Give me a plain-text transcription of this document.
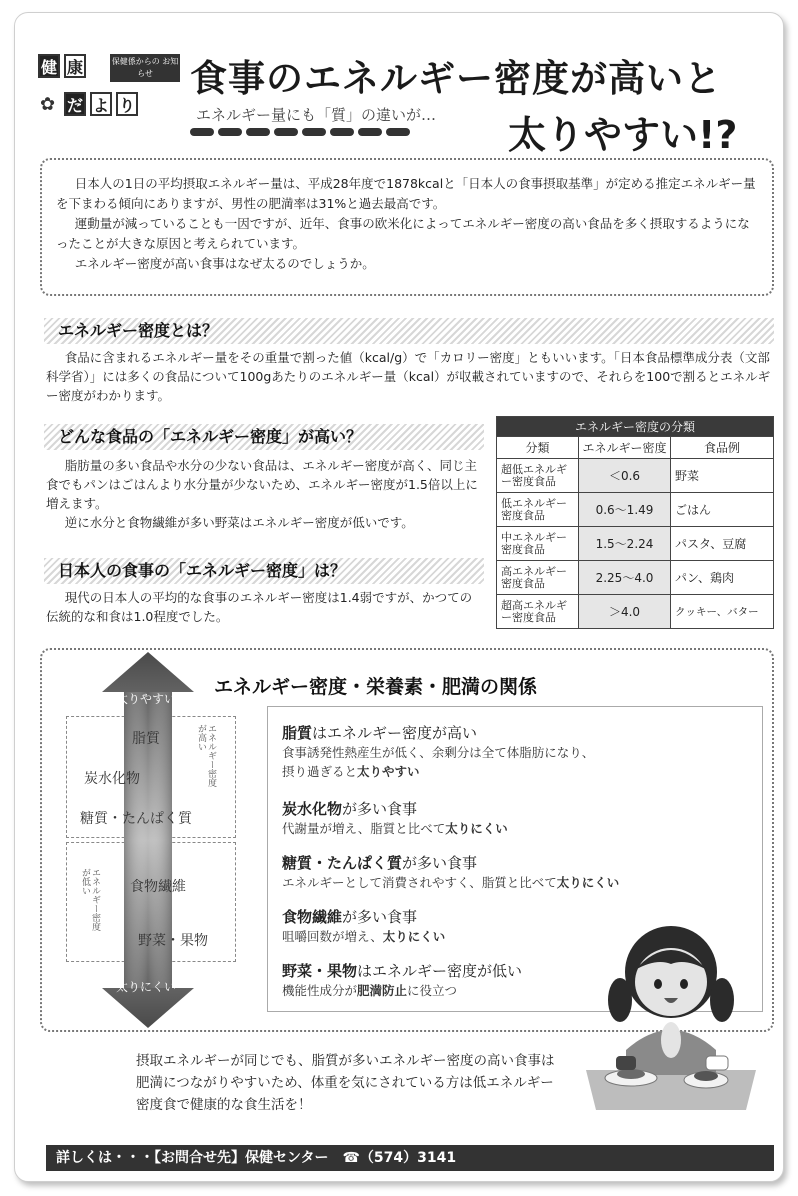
健 康	保健係からの お知らせ
✿ だ よ り
食事のエネルギー密度が高いと
エネルギー量にも「質」の違いが… 太りやすい!?

日本人の1日の平均摂取エネルギー量は、平成28年度で1878kcalと「日本人の食事摂取基準」が定める推定エネルギー量を下まわる傾向にありますが、男性の肥満率は31%と過去最高です。

運動量が減っていることも一因ですが、近年、食事の欧米化によってエネルギー密度の高い食品を多く摂取するようになったことが大きな原因と考えられています。

エネルギー密度が高い食事はなぜ太るのでしょうか。

エネルギー密度とは？

食品に含まれるエネルギー量をその重量で割った値（kcal/g）で「カロリー密度」ともいいます。「日本食品標準成分表（文部科学省）」には多くの食品について100gあたりのエネルギー量（kcal）が収載されていますので、それらを100で割るとエネルギー密度がわかります。

どんな食品の「エネルギー密度」が高い？

脂肪量の多い食品や水分の少ない食品は、エネルギー密度が高く、同じ主食でもパンはごはんより水分量が少ないため、エネルギー密度が1.5倍以上に増えます。

逆に水分と食物繊維が多い野菜はエネルギー密度が低いです。

日本人の食事の「エネルギー密度」は？

現代の日本人の平均的な食事のエネルギー密度は1.4弱ですが、かつての伝統的な和食は1.0程度でした。

エネルギー密度の分類		
分類	エネルギー密度	食品例
超低エネルギー密度食品	＜0.6	野菜
低エネルギー密度食品	0.6〜1.49	ごはん
中エネルギー密度食品	1.5〜2.24	パスタ、豆腐
高エネルギー密度食品	2.25〜4.0	パン、鶏肉
超高エネルギー密度食品	＞4.0	クッキー、バター
エネルギー密度・栄養素・肥満の関係
太りやすい
太りにくい
脂質
炭水化物
糖質・たんぱく質
食物繊維
野菜・果物
エネルギー密度が高い
エネルギー密度が低い
脂質はエネルギー密度が高い
食事誘発性熱産生が低く、余剰分は全て体脂肪になり、
摂り過ぎると太りやすい
炭水化物が多い食事
代謝量が増え、脂質と比べて太りにくい
糖質・たんぱく質が多い食事
エネルギーとして消費されやすく、脂質と比べて太りにくい
食物繊維が多い食事
咀嚼回数が増え、太りにくい
野菜・果物はエネルギー密度が低い
機能性成分が肥満防止に役立つ
摂取エネルギーが同じでも、脂質が多いエネルギー密度の高い食事は肥満につながりやすいため、体重を気にされている方は低エネルギー密度食で健康的な食生活を！
詳しくは・・・【お問合せ先】保健センター　☎（574）3141
